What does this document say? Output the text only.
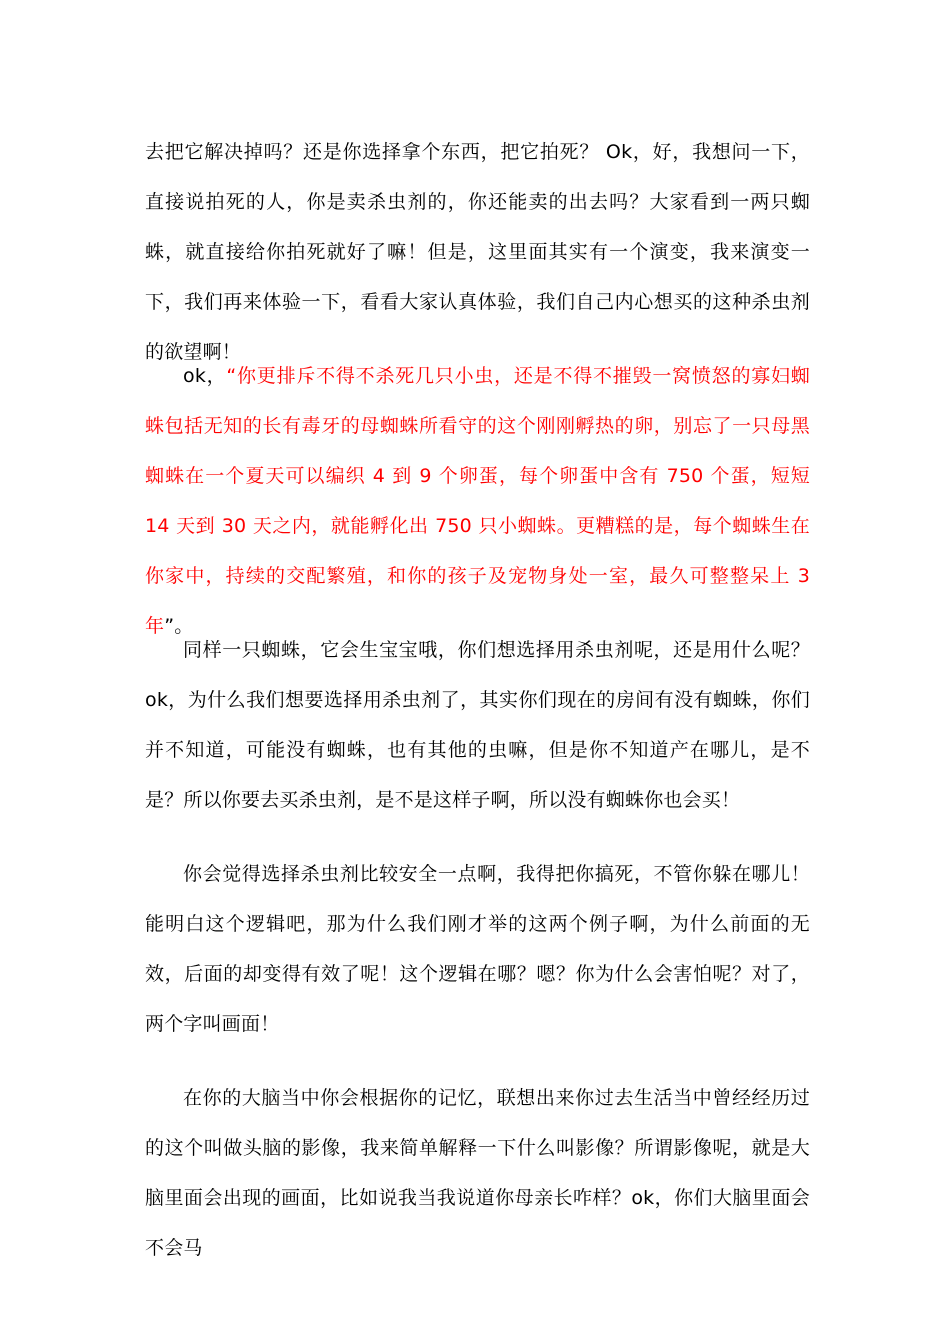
去把它解决掉吗？还是你选择拿个东西，把它拍死？ Ok，好，我想问一下，直接说拍死的人，你是卖杀虫剂的，你还能卖的出去吗？大家看到一两只蜘蛛，就直接给你拍死就好了嘛！但是，这里面其实有一个演变，我来演变一下，我们再来体验一下，看看大家认真体验，我们自己内心想买的这种杀虫剂的欲望啊！

ok，“你更排斥不得不杀死几只小虫，还是不得不摧毁一窝愤怒的寡妇蜘蛛包括无知的长有毒牙的母蜘蛛所看守的这个刚刚孵热的卵，别忘了一只母黑蜘蛛在一个夏天可以编织 4 到 9 个卵蛋，每个卵蛋中含有 750 个蛋，短短 14 天到 30 天之内，就能孵化出 750 只小蜘蛛。更糟糕的是，每个蜘蛛生在你家中，持续的交配繁殖，和你的孩子及宠物身处一室，最久可整整呆上 3 年”。

同样一只蜘蛛，它会生宝宝哦，你们想选择用杀虫剂呢，还是用什么呢？ok，为什么我们想要选择用杀虫剂了，其实你们现在的房间有没有蜘蛛，你们并不知道，可能没有蜘蛛，也有其他的虫嘛，但是你不知道产在哪儿，是不是？所以你要去买杀虫剂，是不是这样子啊，所以没有蜘蛛你也会买！

你会觉得选择杀虫剂比较安全一点啊，我得把你搞死，不管你躲在哪儿！能明白这个逻辑吧，那为什么我们刚才举的这两个例子啊，为什么前面的无效，后面的却变得有效了呢！这个逻辑在哪？嗯？你为什么会害怕呢？对了，两个字叫画面！

在你的大脑当中你会根据你的记忆，联想出来你过去生活当中曾经经历过的这个叫做头脑的影像，我来简单解释一下什么叫影像？所谓影像呢，就是大脑里面会出现的画面，比如说我当我说道你母亲长咋样？ok，你们大脑里面会不会马
